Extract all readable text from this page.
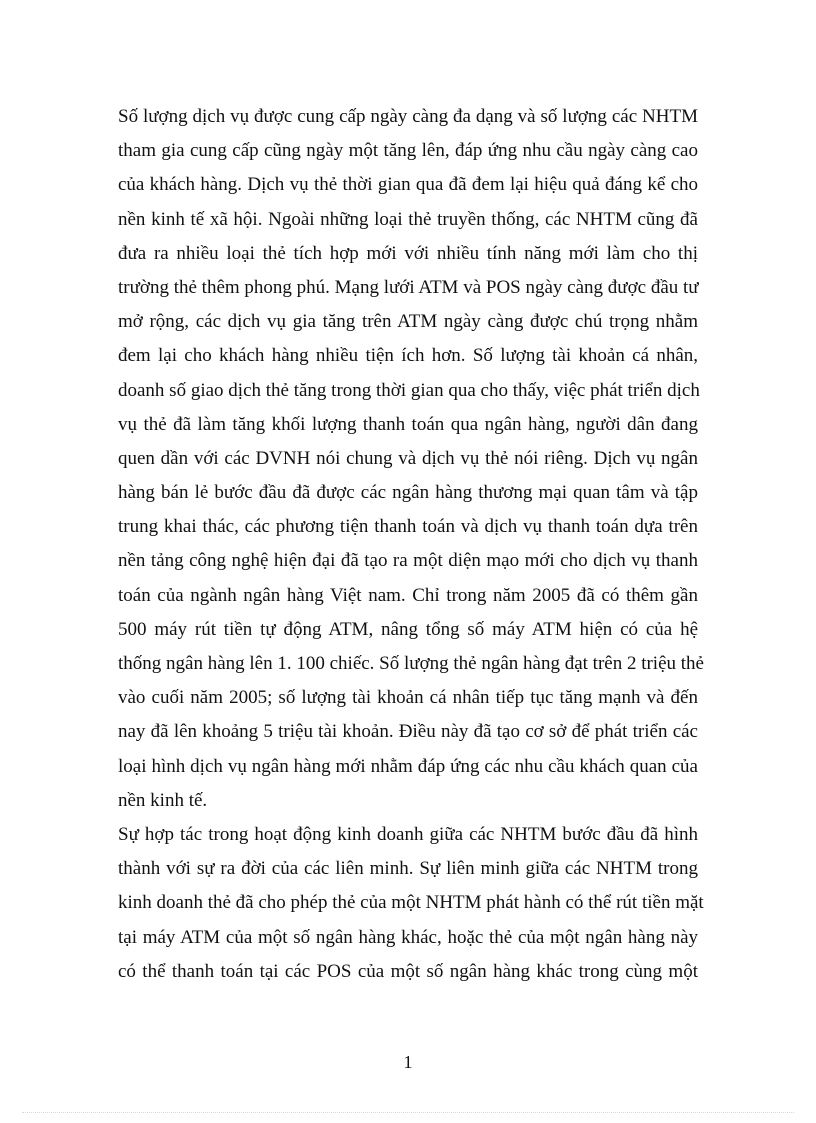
Số lượng dịch vụ được cung cấp ngày càng đa dạng và số lượng các NHTM
tham gia cung cấp cũng ngày một tăng lên, đáp ứng nhu cầu ngày càng cao
của khách hàng. Dịch vụ thẻ thời gian qua đã đem lại hiệu quả đáng kể cho
nền kinh tế xã hội. Ngoài những loại thẻ truyền thống, các NHTM cũng đã
đưa ra nhiều loại thẻ tích hợp mới với nhiều tính năng mới làm cho thị
trường thẻ thêm phong phú. Mạng lưới ATM và POS ngày càng được đầu tư
mở rộng, các dịch vụ gia tăng trên ATM ngày càng được chú trọng nhằm
đem lại cho khách hàng nhiều tiện ích hơn. Số lượng tài khoản cá nhân,
doanh số giao dịch thẻ tăng trong thời gian qua cho thấy, việc phát triển dịch
vụ thẻ đã làm tăng khối lượng thanh toán qua ngân hàng, người dân đang
quen dần với các DVNH nói chung và dịch vụ thẻ nói riêng. Dịch vụ ngân
hàng bán lẻ bước đầu đã được các ngân hàng thương mại quan tâm và tập
trung khai thác, các phương tiện thanh toán và dịch vụ thanh toán dựa trên
nền tảng công nghệ hiện đại đã tạo ra một diện mạo mới cho dịch vụ thanh
toán của ngành ngân hàng Việt nam. Chỉ trong năm 2005 đã có thêm gần
500 máy rút tiền tự động ATM, nâng tổng số máy ATM hiện có của hệ
thống ngân hàng lên 1. 100 chiếc. Số lượng thẻ ngân hàng đạt trên 2 triệu thẻ
vào cuối năm 2005; số lượng tài khoản cá nhân tiếp tục tăng mạnh và đến
nay đã lên khoảng 5 triệu tài khoản. Điều này đã tạo cơ sở để phát triển các
loại hình dịch vụ ngân hàng mới nhằm đáp ứng các nhu cầu khách quan của
nền kinh tế.
Sự hợp tác trong hoạt động kinh doanh giữa các NHTM bước đầu đã hình
thành với sự ra đời của các liên minh. Sự liên minh giữa các NHTM trong
kinh doanh thẻ đã cho phép thẻ của một NHTM phát hành có thể rút tiền mặt
tại máy ATM của một số ngân hàng khác, hoặc thẻ của một ngân hàng này
có thể thanh toán tại các POS của một số ngân hàng khác trong cùng một
1
